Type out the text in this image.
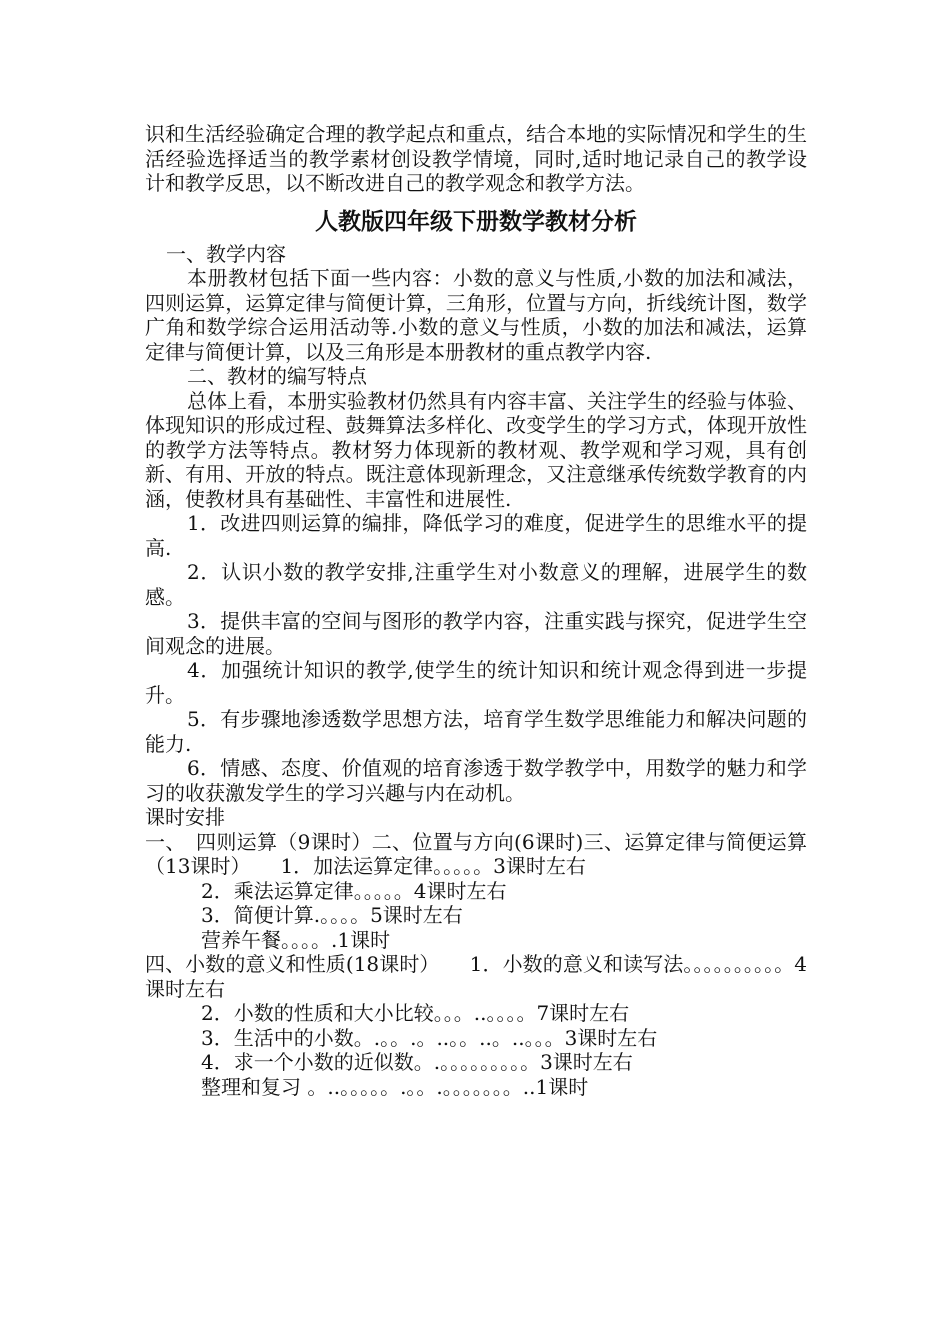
识和生活经验确定合理的教学起点和重点，结合本地的实际情况和学生的生活经验选择适当的教学素材创设教学情境，同时,适时地记录自己的教学设计和教学反思，以不断改进自己的教学观念和教学方法。

人教版四年级下册数学教材分析

一、教学内容

本册教材包括下面一些内容：小数的意义与性质,小数的加法和减法，四则运算，运算定律与简便计算，三角形，位置与方向，折线统计图，数学广角和数学综合运用活动等.小数的意义与性质，小数的加法和减法，运算定律与简便计算，以及三角形是本册教材的重点教学内容.

二、教材的编写特点

总体上看，本册实验教材仍然具有内容丰富、关注学生的经验与体验、体现知识的形成过程、鼓舞算法多样化、改变学生的学习方式，体现开放性的教学方法等特点。教材努力体现新的教材观、教学观和学习观，具有创新、有用、开放的特点。既注意体现新理念，又注意继承传统数学教育的内涵，使教材具有基础性、丰富性和进展性.

1．改进四则运算的编排，降低学习的难度，促进学生的思维水平的提高.

2．认识小数的教学安排,注重学生对小数意义的理解，进展学生的数感。

3．提供丰富的空间与图形的教学内容，注重实践与探究，促进学生空间观念的进展。

4．加强统计知识的教学,使学生的统计知识和统计观念得到进一步提升。

5．有步骤地渗透数学思想方法，培育学生数学思维能力和解决问题的能力.

6．情感、态度、价值观的培育渗透于数学教学中，用数学的魅力和学习的收获激发学生的学习兴趣与内在动机。

课时安排

一、　四则运算（9课时）二、位置与方向(6课时)三、运算定律与简便运算（13课时）　　1．加法运算定律。。。。。3课时左右

2．乘法运算定律。。。。。4课时左右

3．简便计算.。。。。5课时左右

营养午餐。。。。.1课时

四、小数的意义和性质(18课时）　　1．小数的意义和读写法。。。。。。。。。。4课时左右

2．小数的性质和大小比较。。。..。。。。7课时左右

3．生活中的小数。.。。.。..。。..。..。。。3课时左右

4．求一个小数的近似数。.。。。。。。。。。3课时左右

整理和复习 。..。。。。。.。。.。。。。。。。..1课时
